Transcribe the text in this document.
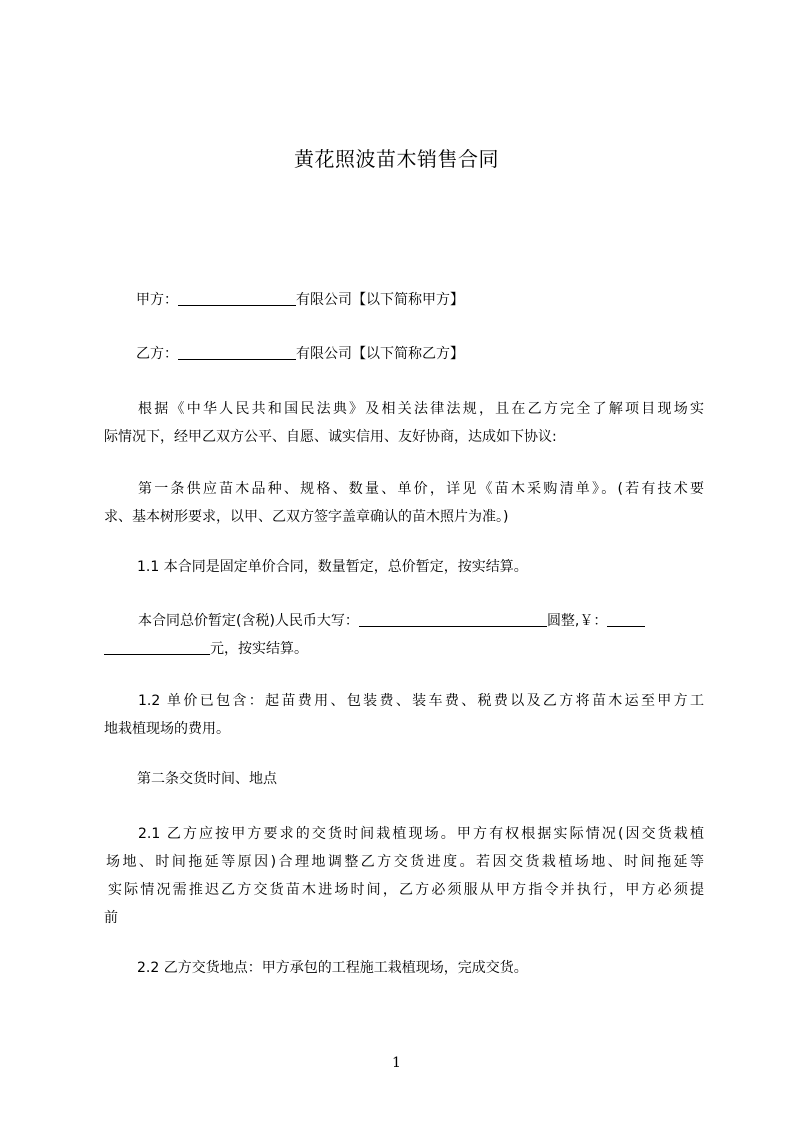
黄花照波苗木销售合同
甲方：	有限公司【以下简称甲方】
乙方：	有限公司【以下简称乙方】
根据《中华人民共和国民法典》及相关法律法规，且在乙方完全了解项目现场实
际情况下，经甲乙双方公平、自愿、诚实信用、友好协商，达成如下协议:
第一条供应苗木品种、规格、数量、单价，详见《苗木采购清单》。(若有技术要
求、基本树形要求，以甲、乙双方签字盖章确认的苗木照片为准。)
1.1 本合同是固定单价合同，数量暂定，总价暂定，按实结算。
本合同总价暂定(含税)人民币大写：	圆整,￥：
元，按实结算。
1.2 单价已包含：起苗费用、包装费、装车费、税费以及乙方将苗木运至甲方工
地栽植现场的费用。
第二条交货时间、地点
2.1 乙方应按甲方要求的交货时间栽植现场。甲方有权根据实际情况(因交货栽植
场地、时间拖延等原因)合理地调整乙方交货进度。若因交货栽植场地、时间拖延等
实际情况需推迟乙方交货苗木进场时间，乙方必须服从甲方指令并执行，甲方必须提
前
2.2 乙方交货地点：甲方承包的工程施工栽植现场，完成交货。
1
